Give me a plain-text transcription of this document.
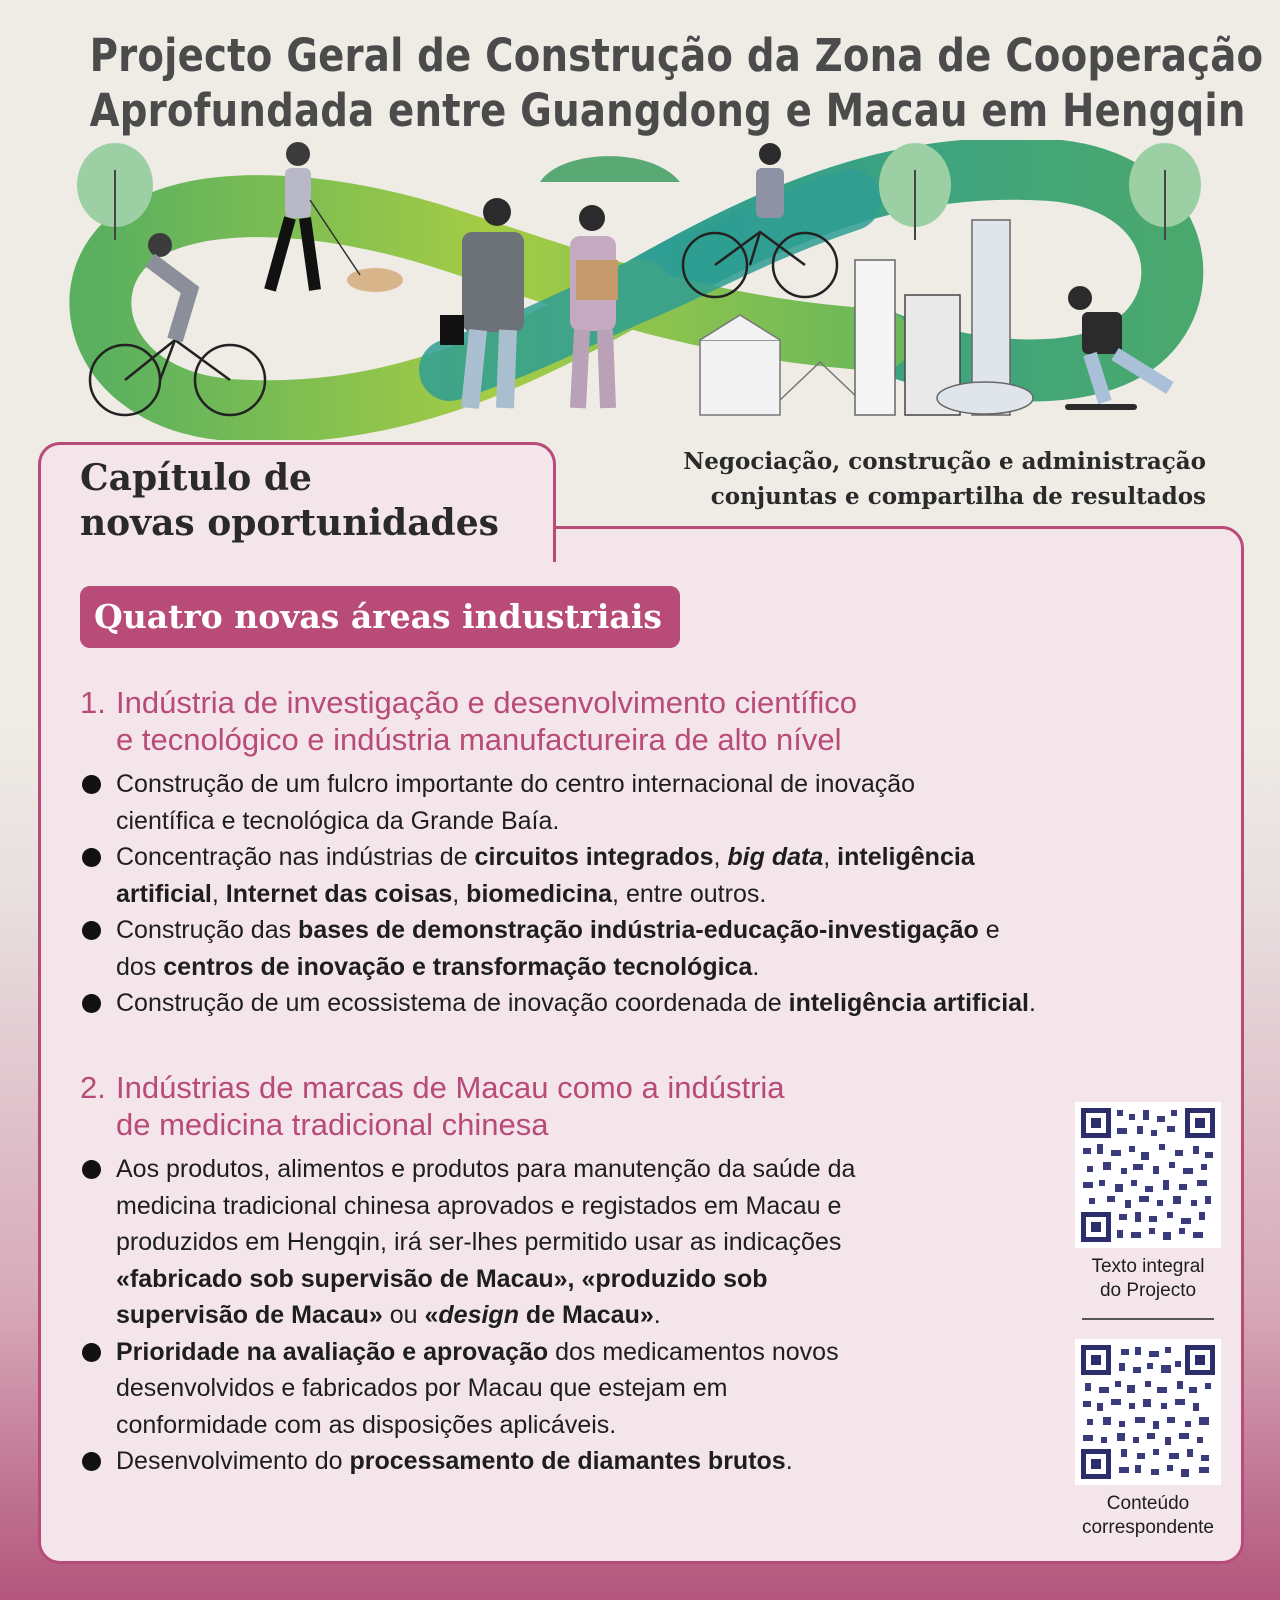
Projecto Geral de Construção da Zona de Cooperação
Aprofundada entre Guangdong e Macau em Hengqin
Capítulo de
novas oportunidades
Negociação, construção e administração
conjuntas e compartilha de resultados
Quatro novas áreas industriais
1. Indústria de investigação e desenvolvimento científico
e tecnológico e indústria manufactureira de alto nível
Construção de um fulcro importante do centro internacional de inovação
científica e tecnológica da Grande Baía.
Concentração nas indústrias de circuitos integrados, big data, inteligência
artificial, Internet das coisas, biomedicina, entre outros.
Construção das bases de demonstração indústria-educação-investigação e
dos centros de inovação e transformação tecnológica.
Construção de um ecossistema de inovação coordenada de inteligência artificial.
2. Indústrias de marcas de Macau como a indústria
de medicina tradicional chinesa
Aos produtos, alimentos e produtos para manutenção da saúde da
medicina tradicional chinesa aprovados e registados em Macau e
produzidos em Hengqin, irá ser-lhes permitido usar as indicações
«fabricado sob supervisão de Macau», «produzido sob
supervisão de Macau» ou «design de Macau».
Prioridade na avaliação e aprovação dos medicamentos novos
desenvolvidos e fabricados por Macau que estejam em
conformidade com as disposições aplicáveis.
Desenvolvimento do processamento de diamantes brutos.
Texto integral
do Projecto
Conteúdo
correspondente
